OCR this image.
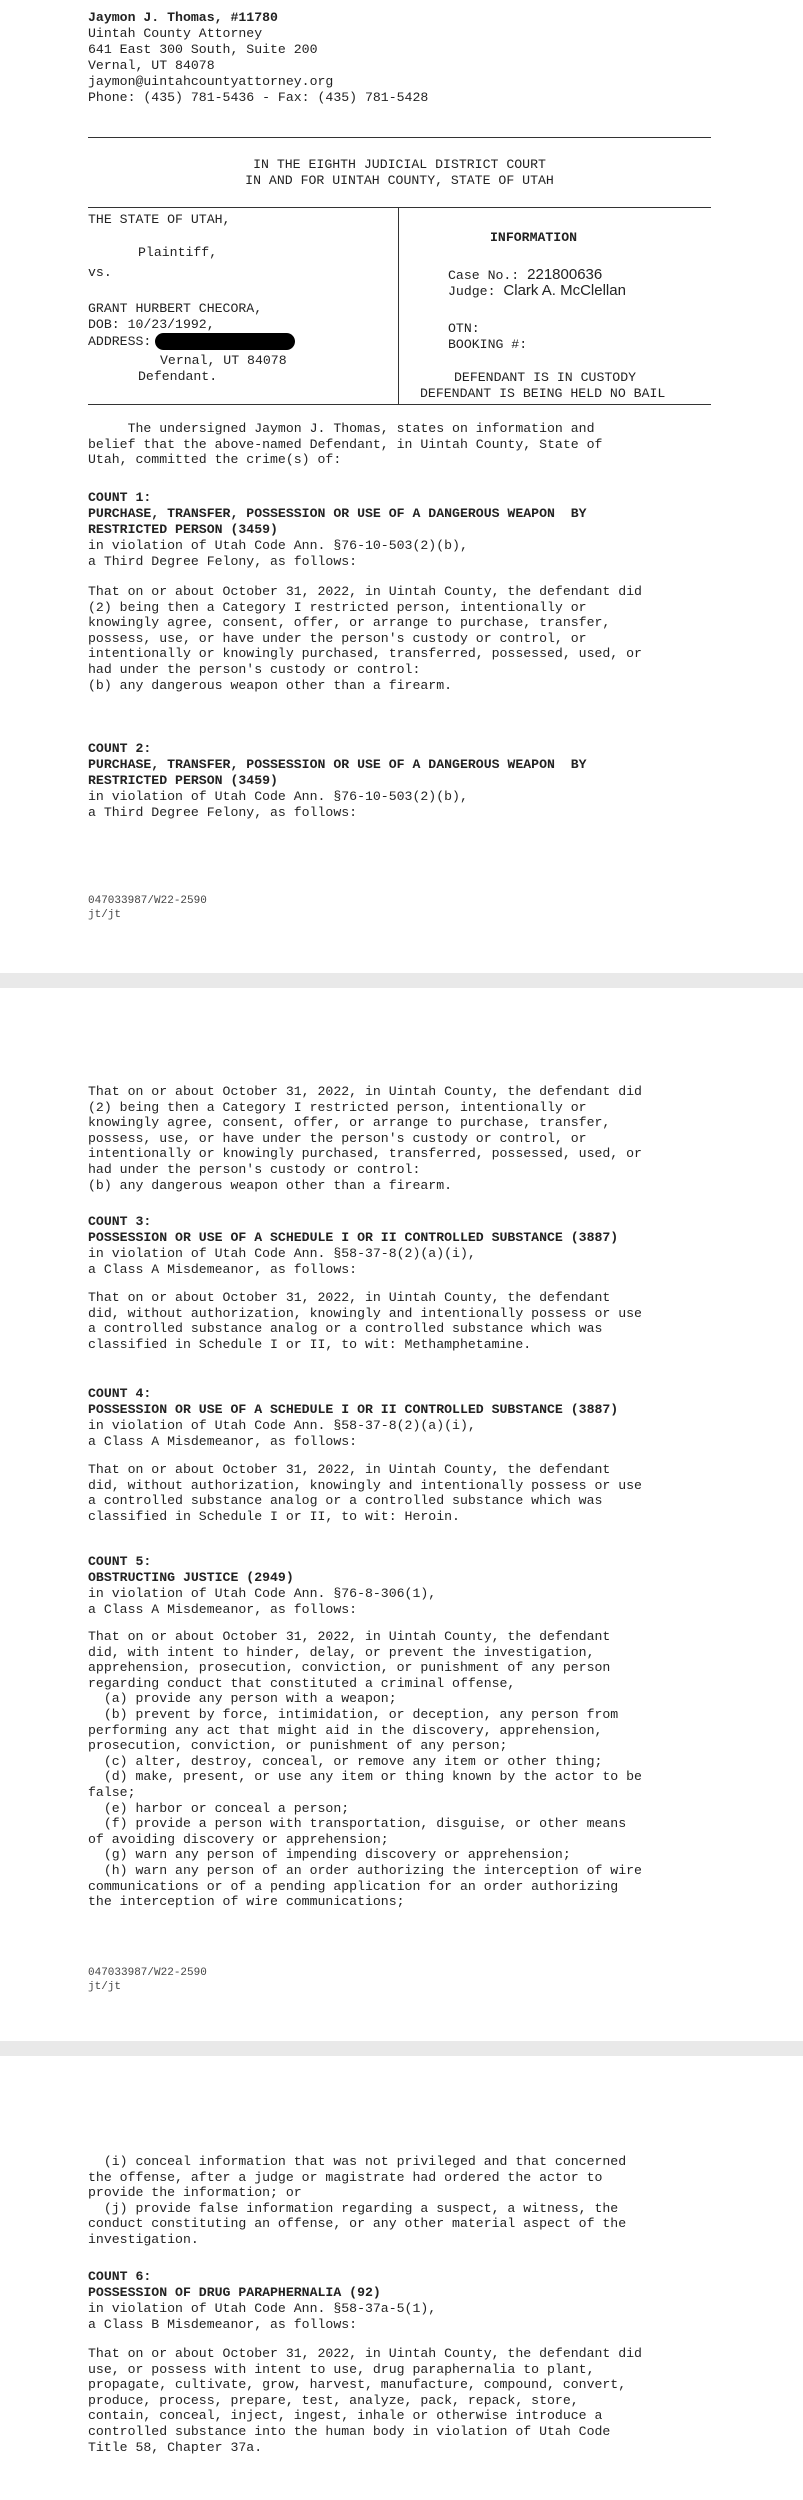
Jaymon J. Thomas, #11780
Uintah County Attorney
641 East 300 South, Suite 200
Vernal, UT 84078
jaymon@uintahcountyattorney.org
Phone: (435) 781-5436 - Fax: (435) 781-5428
IN THE EIGHTH JUDICIAL DISTRICT COURT
IN AND FOR UINTAH COUNTY, STATE OF UTAH
THE STATE OF UTAH,
Plaintiff,
vs.
GRANT HURBERT CHECORA,
DOB: 10/23/1992,
ADDRESS:
Vernal, UT 84078
Defendant.
INFORMATION
Case No.: 221800636
Judge: Clark A. McClellan
OTN:
BOOKING #:
DEFENDANT IS IN CUSTODY
DEFENDANT IS BEING HELD NO BAIL
The undersigned Jaymon J. Thomas, states on information and
belief that the above-named Defendant, in Uintah County, State of
Utah, committed the crime(s) of:
COUNT 1:
PURCHASE, TRANSFER, POSSESSION OR USE OF A DANGEROUS WEAPON  BY
RESTRICTED PERSON (3459)
in violation of Utah Code Ann. §76-10-503(2)(b),
a Third Degree Felony, as follows:
That on or about October 31, 2022, in Uintah County, the defendant did
(2) being then a Category I restricted person, intentionally or
knowingly agree, consent, offer, or arrange to purchase, transfer,
possess, use, or have under the person's custody or control, or
intentionally or knowingly purchased, transferred, possessed, used, or
had under the person's custody or control:
(b) any dangerous weapon other than a firearm.
COUNT 2:
PURCHASE, TRANSFER, POSSESSION OR USE OF A DANGEROUS WEAPON  BY
RESTRICTED PERSON (3459)
in violation of Utah Code Ann. §76-10-503(2)(b),
a Third Degree Felony, as follows:
047033987/W22-2590
jt/jt
That on or about October 31, 2022, in Uintah County, the defendant did
(2) being then a Category I restricted person, intentionally or
knowingly agree, consent, offer, or arrange to purchase, transfer,
possess, use, or have under the person's custody or control, or
intentionally or knowingly purchased, transferred, possessed, used, or
had under the person's custody or control:
(b) any dangerous weapon other than a firearm.
COUNT 3:
POSSESSION OR USE OF A SCHEDULE I OR II CONTROLLED SUBSTANCE (3887)
in violation of Utah Code Ann. §58-37-8(2)(a)(i),
a Class A Misdemeanor, as follows:
That on or about October 31, 2022, in Uintah County, the defendant
did, without authorization, knowingly and intentionally possess or use
a controlled substance analog or a controlled substance which was
classified in Schedule I or II, to wit: Methamphetamine.
COUNT 4:
POSSESSION OR USE OF A SCHEDULE I OR II CONTROLLED SUBSTANCE (3887)
in violation of Utah Code Ann. §58-37-8(2)(a)(i),
a Class A Misdemeanor, as follows:
That on or about October 31, 2022, in Uintah County, the defendant
did, without authorization, knowingly and intentionally possess or use
a controlled substance analog or a controlled substance which was
classified in Schedule I or II, to wit: Heroin.
COUNT 5:
OBSTRUCTING JUSTICE (2949)
in violation of Utah Code Ann. §76-8-306(1),
a Class A Misdemeanor, as follows:
That on or about October 31, 2022, in Uintah County, the defendant
did, with intent to hinder, delay, or prevent the investigation,
apprehension, prosecution, conviction, or punishment of any person
regarding conduct that constituted a criminal offense,
(a) provide any person with a weapon;
(b) prevent by force, intimidation, or deception, any person from
performing any act that might aid in the discovery, apprehension,
prosecution, conviction, or punishment of any person;
(c) alter, destroy, conceal, or remove any item or other thing;
(d) make, present, or use any item or thing known by the actor to be
false;
(e) harbor or conceal a person;
(f) provide a person with transportation, disguise, or other means
of avoiding discovery or apprehension;
(g) warn any person of impending discovery or apprehension;
(h) warn any person of an order authorizing the interception of wire
communications or of a pending application for an order authorizing
the interception of wire communications;
047033987/W22-2590
jt/jt
(i) conceal information that was not privileged and that concerned
the offense, after a judge or magistrate had ordered the actor to
provide the information; or
(j) provide false information regarding a suspect, a witness, the
conduct constituting an offense, or any other material aspect of the
investigation.
COUNT 6:
POSSESSION OF DRUG PARAPHERNALIA (92)
in violation of Utah Code Ann. §58-37a-5(1),
a Class B Misdemeanor, as follows:
That on or about October 31, 2022, in Uintah County, the defendant did
use, or possess with intent to use, drug paraphernalia to plant,
propagate, cultivate, grow, harvest, manufacture, compound, convert,
produce, process, prepare, test, analyze, pack, repack, store,
contain, conceal, inject, ingest, inhale or otherwise introduce a
controlled substance into the human body in violation of Utah Code
Title 58, Chapter 37a.
